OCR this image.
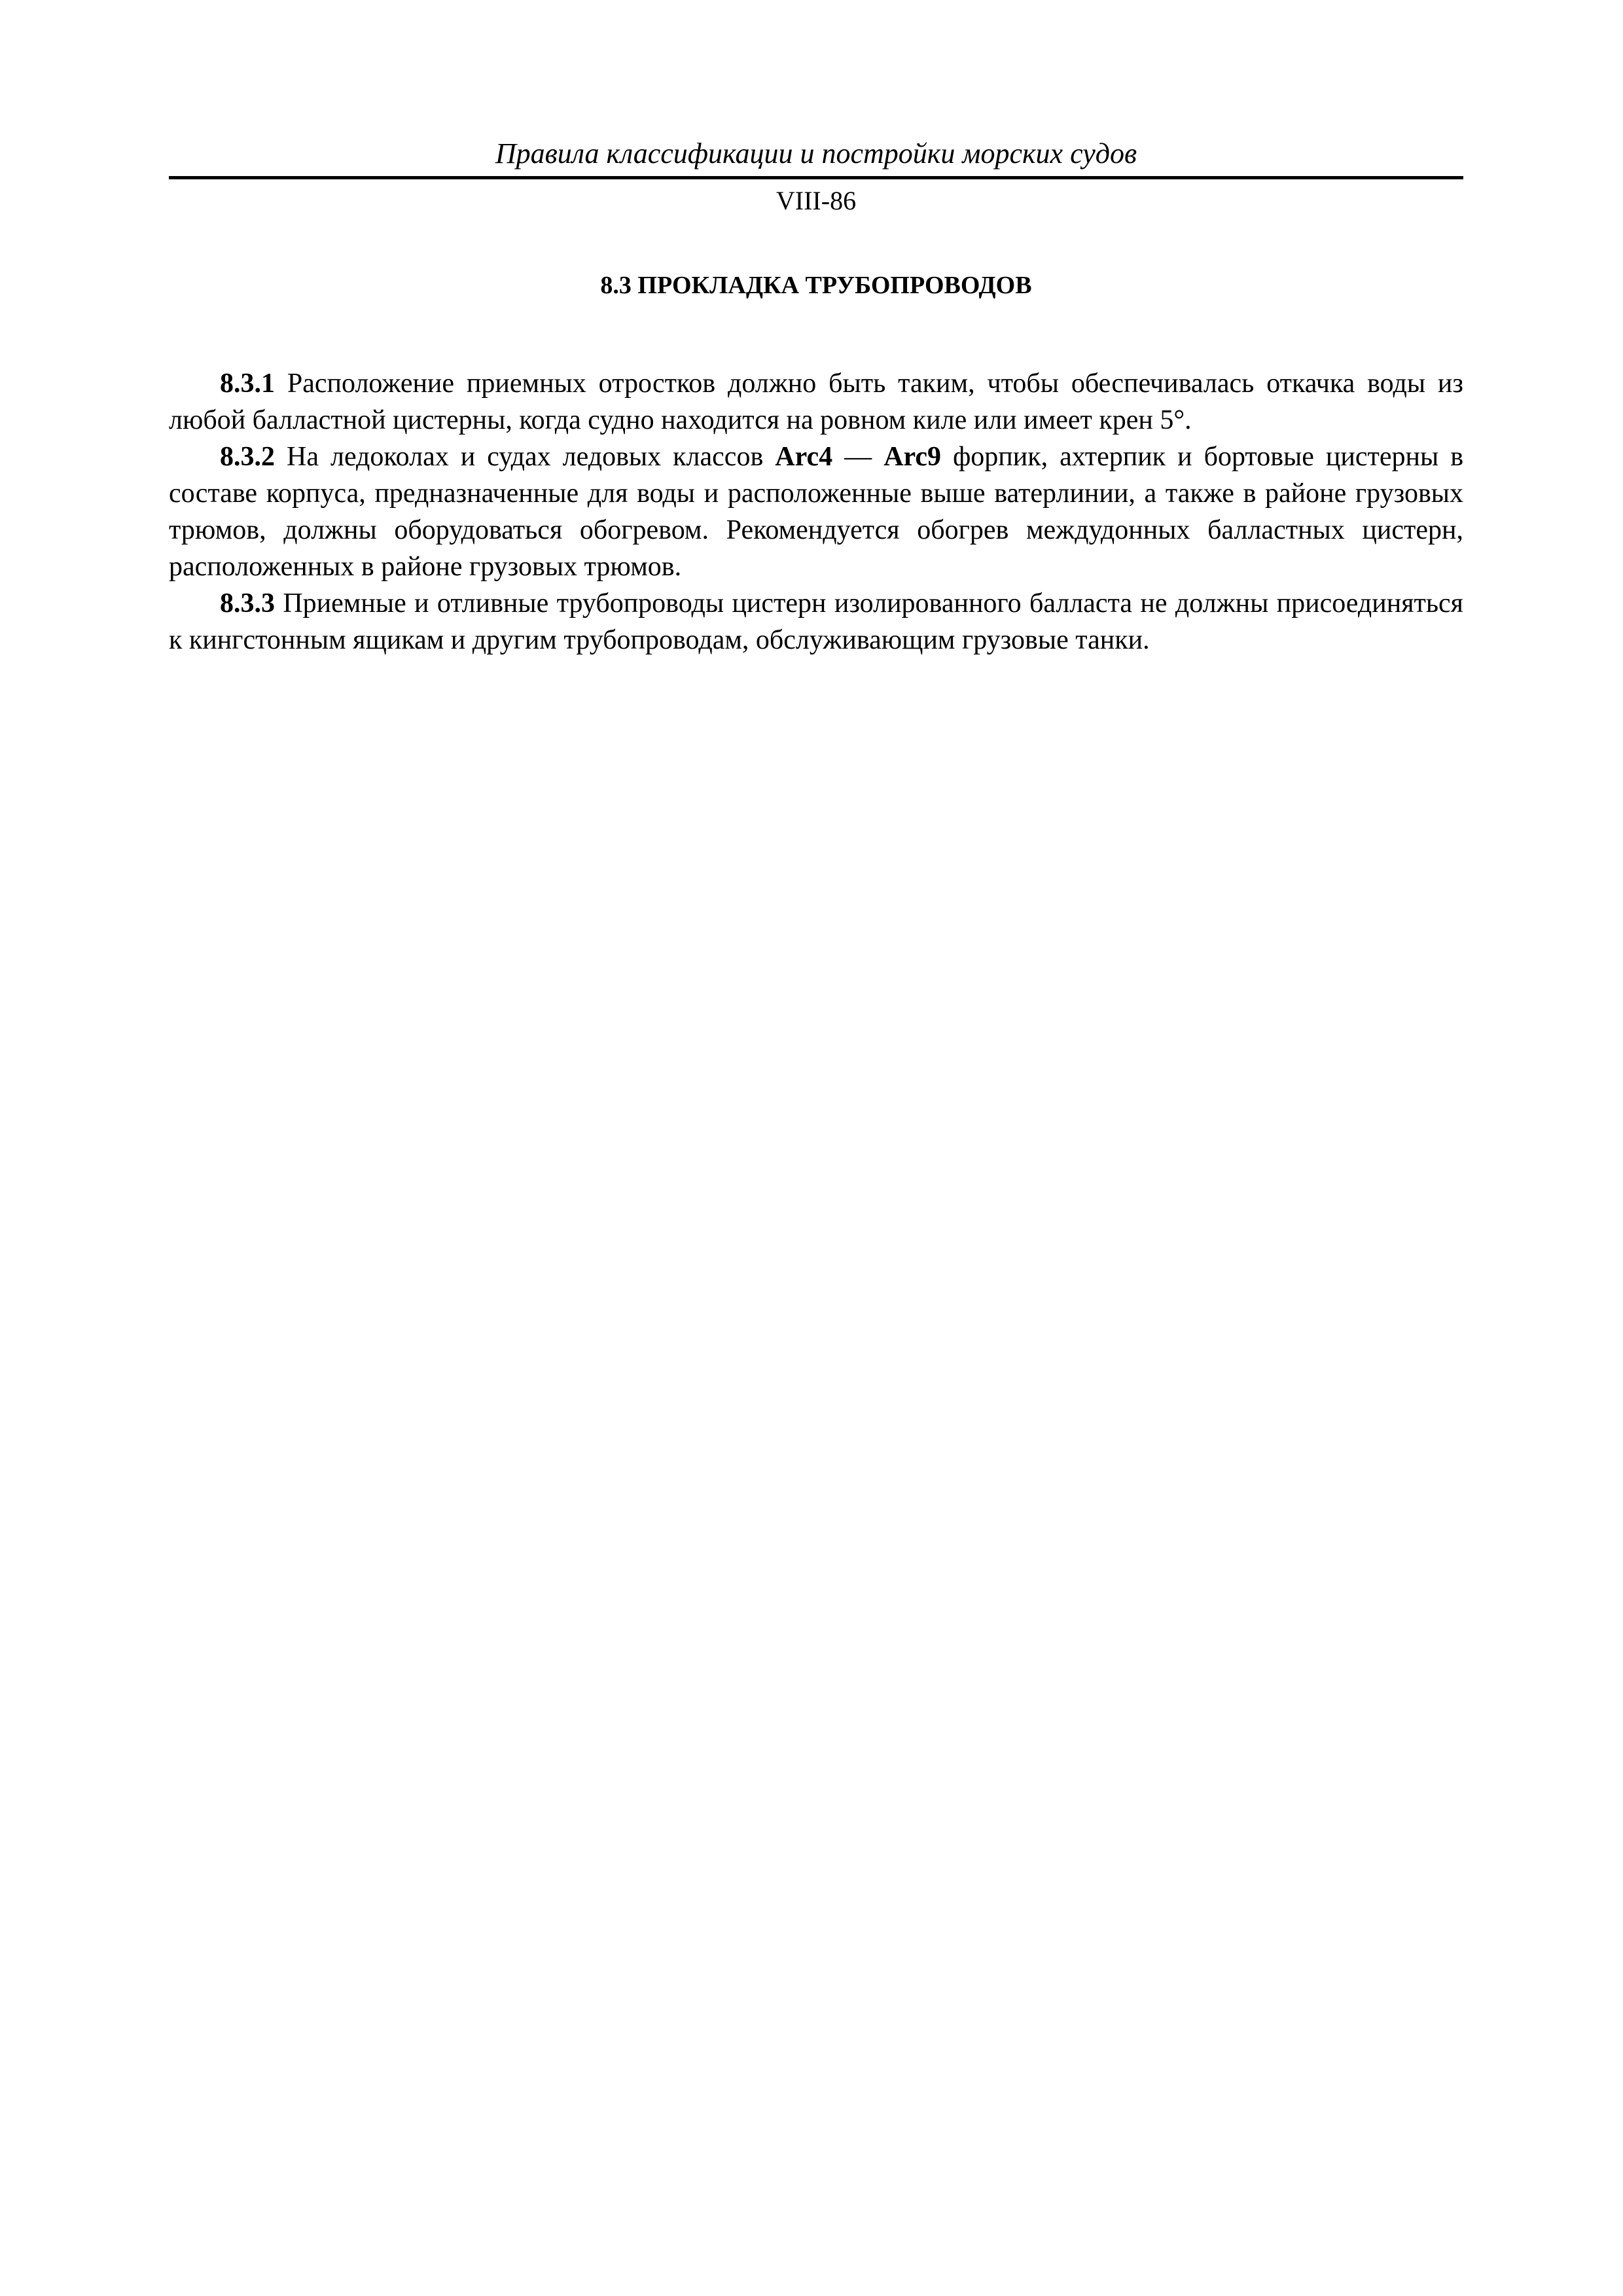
Правила классификации и постройки морских судов
VIII-86
8.3 ПРОКЛАДКА ТРУБОПРОВОДОВ

8.3.1 Расположение приемных отростков должно быть таким, чтобы обеспечивалась откачка воды из любой балластной цистерны, когда судно находится на ровном киле или имеет крен 5°.

8.3.2 На ледоколах и судах ледовых классов Arc4 — Arc9 форпик, ахтерпик и бортовые цистерны в составе корпуса, предназначенные для воды и расположенные выше ватерлинии, а также в районе грузовых трюмов, должны оборудоваться обогревом. Рекомендуется обогрев междудонных балластных цистерн, расположенных в районе грузовых трюмов.

8.3.3 Приемные и отливные трубопроводы цистерн изолированного балласта не должны присоединяться к кингстонным ящикам и другим трубопроводам, обслуживающим грузовые танки.
